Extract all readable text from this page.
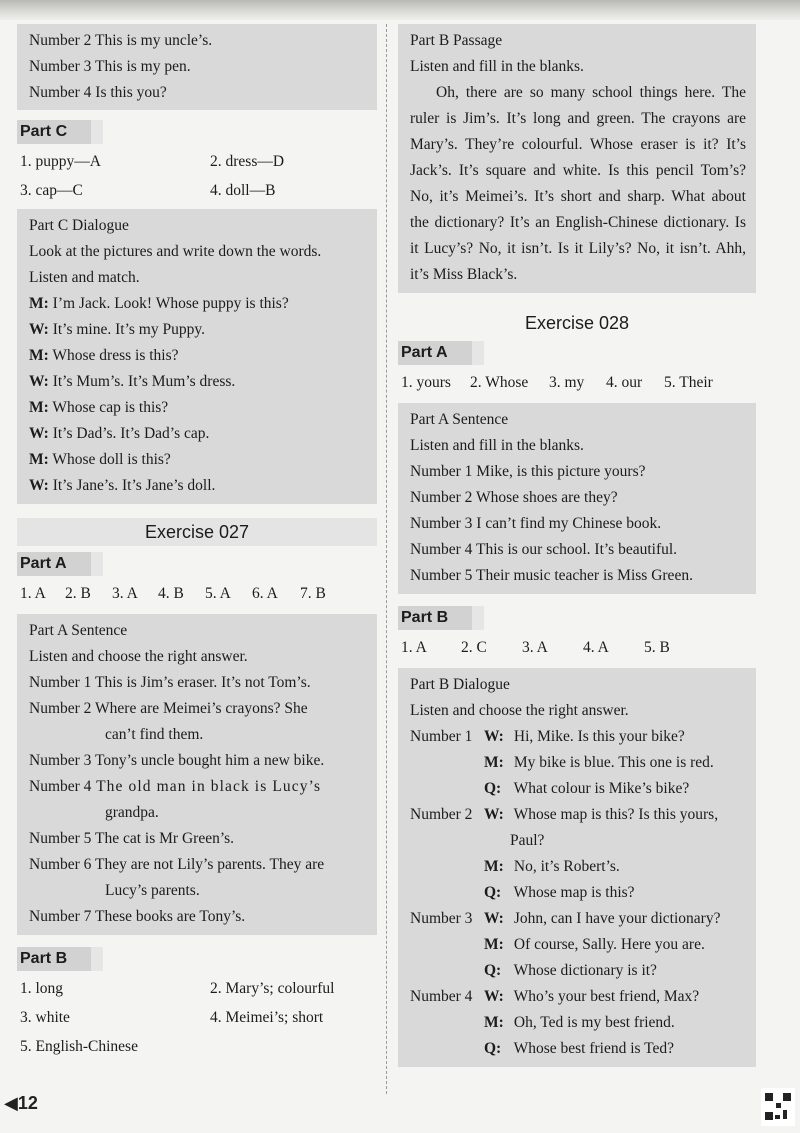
Number 2 This is my uncle’s.
Number 3 This is my pen.
Number 4 Is this you?
Part C
1. puppy—A	2. dress—D
3. cap—C	4. doll—B
Part C Dialogue
Look at the pictures and write down the words.
Listen and match.
M: I’m Jack. Look! Whose puppy is this?
W: It’s mine. It’s my Puppy.
M: Whose dress is this?
W: It’s Mum’s. It’s Mum’s dress.
M: Whose cap is this?
W: It’s Dad’s. It’s Dad’s cap.
M: Whose doll is this?
W: It’s Jane’s. It’s Jane’s doll.
Exercise 027
Part A
1. A	2. B	3. A	4. B	5. A	6. A	7. B
Part A Sentence
Listen and choose the right answer.
Number 1 This is Jim’s eraser. It’s not Tom’s.
Number 2 Where are Meimei’s crayons? She
can’t find them.
Number 3 Tony’s uncle bought him a new bike.
Number 4 The old man in black is Lucy’s
grandpa.
Number 5 The cat is Mr Green’s.
Number 6 They are not Lily’s parents. They are
Lucy’s parents.
Number 7 These books are Tony’s.
Part B
1. long	2. Mary’s; colourful
3. white	4. Meimei’s; short
5. English-Chinese
Part B Passage
Listen and fill in the blanks.
Oh, there are so many school things here. The ruler is Jim’s. It’s long and green. The crayons are Mary’s. They’re colourful. Whose eraser is it? It’s Jack’s. It’s square and white. Is this pencil Tom’s? No, it’s Meimei’s. It’s short and sharp. What about the dictionary? It’s an English-Chinese dictionary. Is it Lucy’s? No, it isn’t. Is it Lily’s? No, it isn’t. Ahh, it’s Miss Black’s.
Exercise 028
Part A
1. yours	2. Whose	3. my	4. our	5. Their
Part A Sentence
Listen and fill in the blanks.
Number 1 Mike, is this picture yours?
Number 2 Whose shoes are they?
Number 3 I can’t find my Chinese book.
Number 4 This is our school. It’s beautiful.
Number 5 Their music teacher is Miss Green.
Part B
1. A	2. C	3. A	4. A	5. B
Part B Dialogue
Listen and choose the right answer.
Number 1 W: Hi, Mike. Is this your bike?
M: My bike is blue. This one is red.
Q: What colour is Mike’s bike?
Number 2 W: Whose map is this? Is this yours,
Paul?
M: No, it’s Robert’s.
Q: Whose map is this?
Number 3 W: John, can I have your dictionary?
M: Of course, Sally. Here you are.
Q: Whose dictionary is it?
Number 4 W: Who’s your best friend, Max?
M: Oh, Ted is my best friend.
Q: Whose best friend is Ted?
◀12
